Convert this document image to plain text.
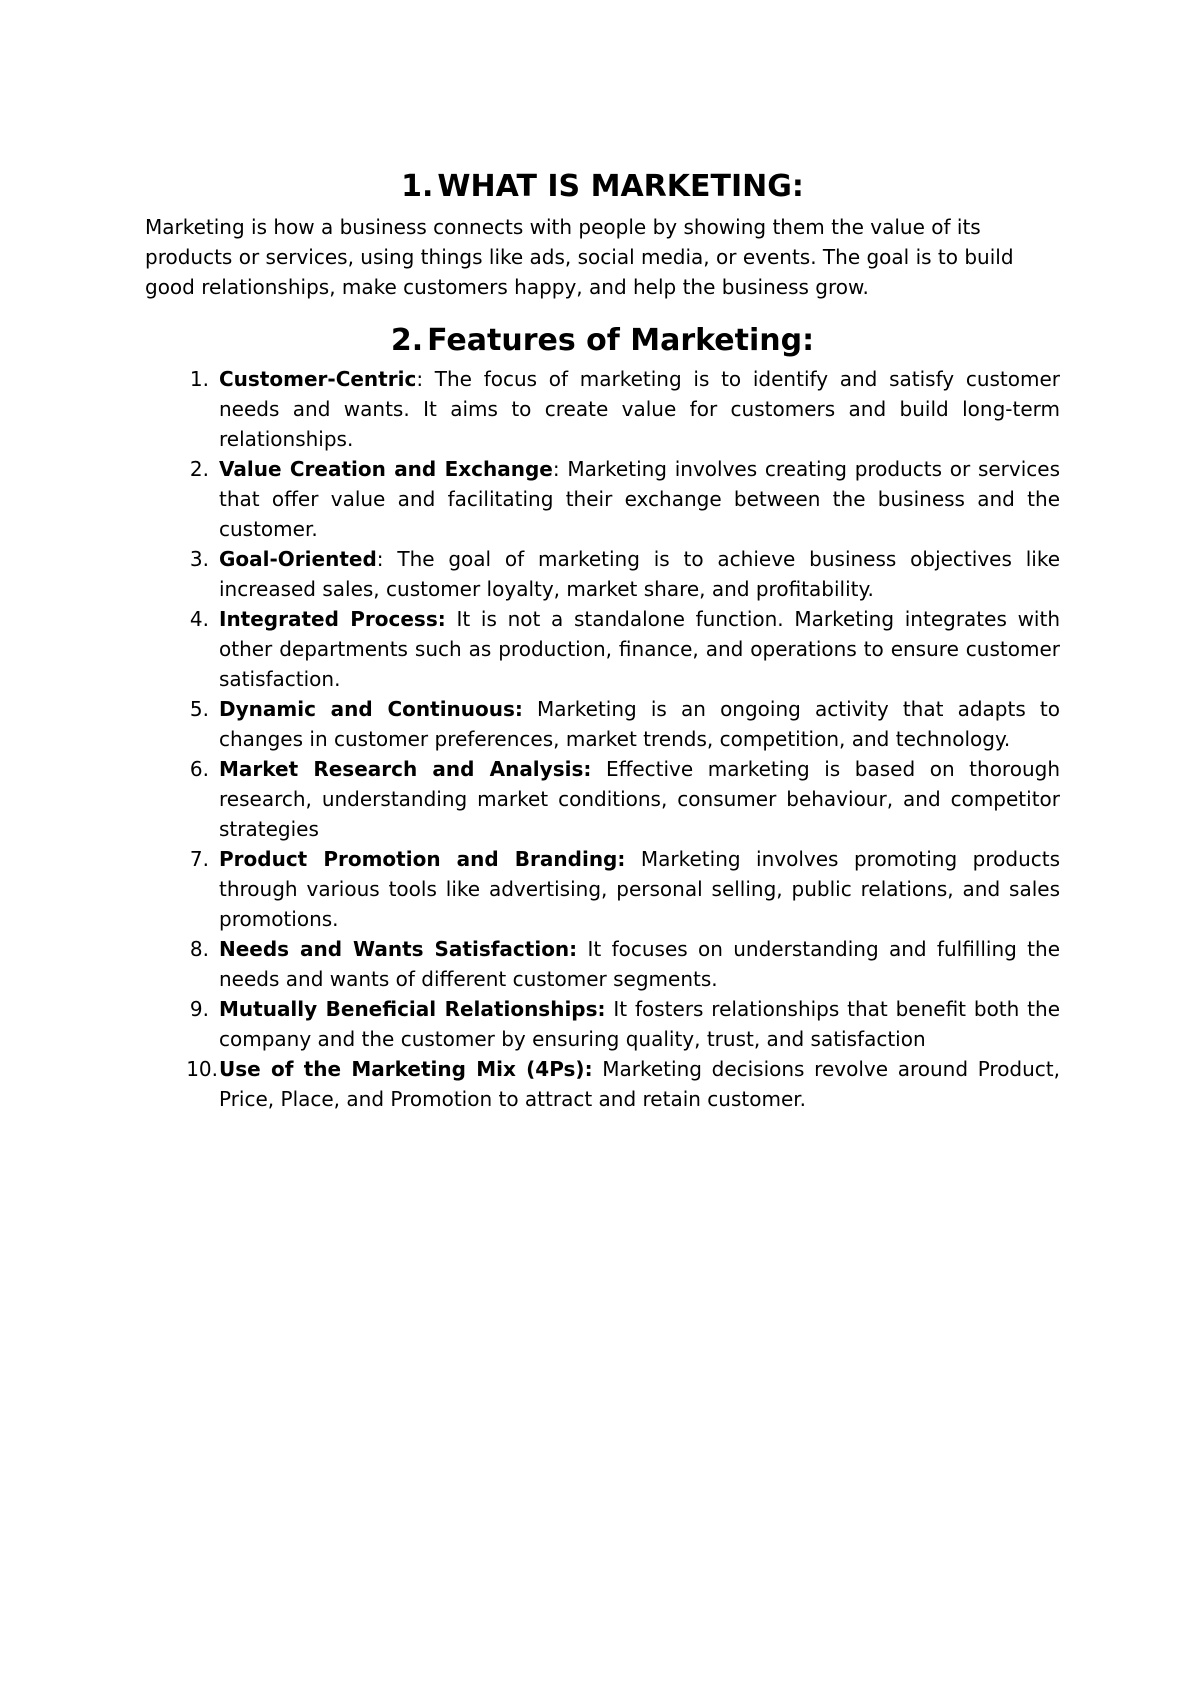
1. WHAT IS MARKETING:

Marketing is how a business connects with people by showing them the value of its products or services, using things like ads, social media, or events. The goal is to build good relationships, make customers happy, and help the business grow.

2. Features of Marketing:
1. Customer-Centric: The focus of marketing is to identify and satisfy customer needs and wants. It aims to create value for customers and build long-term relationships.
2. Value Creation and Exchange: Marketing involves creating products or services that offer value and facilitating their exchange between the business and the customer.
3. Goal-Oriented: The goal of marketing is to achieve business objectives like increased sales, customer loyalty, market share, and profitability.
4. Integrated Process: It is not a standalone function. Marketing integrates with other departments such as production, finance, and operations to ensure customer satisfaction.
5. Dynamic and Continuous: Marketing is an ongoing activity that adapts to changes in customer preferences, market trends, competition, and technology.
6. Market Research and Analysis: Effective marketing is based on thorough research, understanding market conditions, consumer behaviour, and competitor strategies
7. Product Promotion and Branding: Marketing involves promoting products through various tools like advertising, personal selling, public relations, and sales promotions.
8. Needs and Wants Satisfaction: It focuses on understanding and fulfilling the needs and wants of different customer segments.
9. Mutually Beneficial Relationships: It fosters relationships that benefit both the company and the customer by ensuring quality, trust, and satisfaction
10. Use of the Marketing Mix (4Ps): Marketing decisions revolve around Product, Price, Place, and Promotion to attract and retain customer.
